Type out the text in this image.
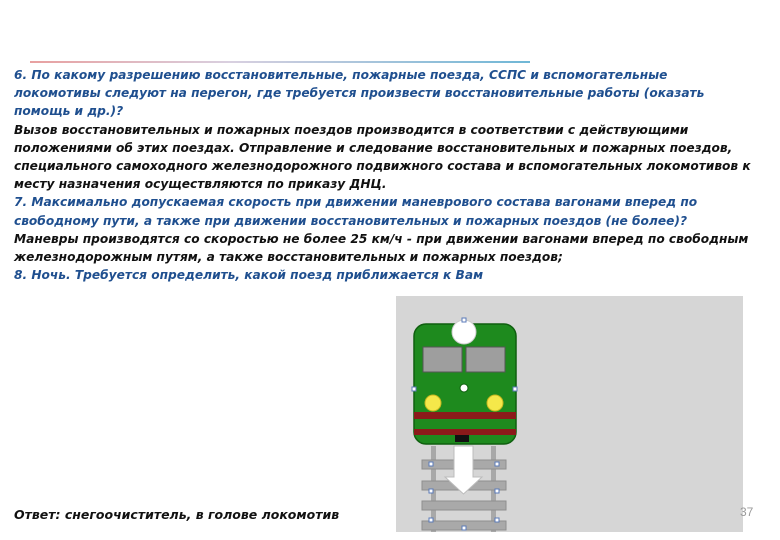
6. По какому разрешению восстановительные, пожарные поезда, ССПС и вспомогательные

локомотивы следуют на перегон, где требуется произвести восстановительные работы (оказать

помощь и др.)?

Вызов восстановительных и пожарных поездов производится в соответствии с действующими

положениями об этих поездах. Отправление и следование восстановительных и пожарных поездов,

специального самоходного железнодорожного подвижного состава и вспомогательных локомотивов к

месту назначения осуществляются по приказу ДНЦ.

7. Максимально допускаемая скорость при движении маневрового состава вагонами вперед по

свободному пути, а также при движении восстановительных и пожарных поездов (не более)?

Маневры производятся со скоростью не более 25 км/ч - при движении вагонами вперед по свободным

железнодорожным путям, а также восстановительных и пожарных поездов;

8. Ночь. Требуется определить, какой поезд приближается к Вам

Ответ: снегоочиститель, в голове локомотив	37
